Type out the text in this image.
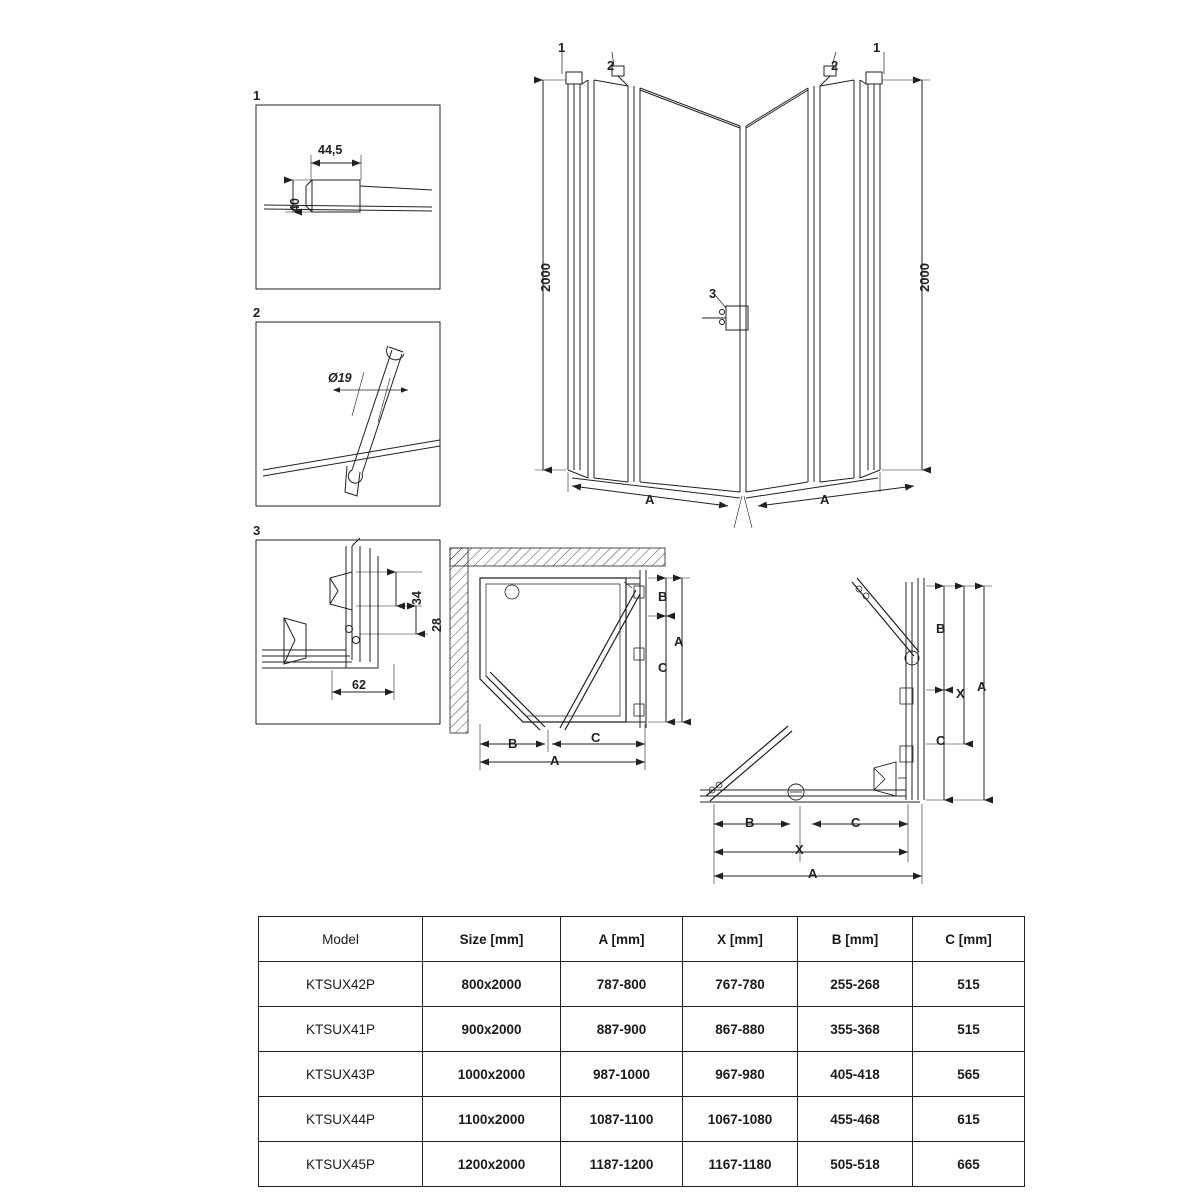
1
44,5
40
2
Ø19
3
34
28
62
1
2	2
1
3
2000	2000
A	A
B
A
C
B	C
A
B
X A
C
B	C
X
A
Model	Size [mm]	A [mm]	X [mm]	B [mm]	C [mm]
KTSUX42P	800x2000	787-800	767-780	255-268	515
KTSUX41P	900x2000	887-900	867-880	355-368	515
KTSUX43P	1000x2000	987-1000	967-980	405-418	565
KTSUX44P	1100x2000	1087-1100	1067-1080	455-468	615
KTSUX45P	1200x2000	1187-1200	1167-1180	505-518	665
